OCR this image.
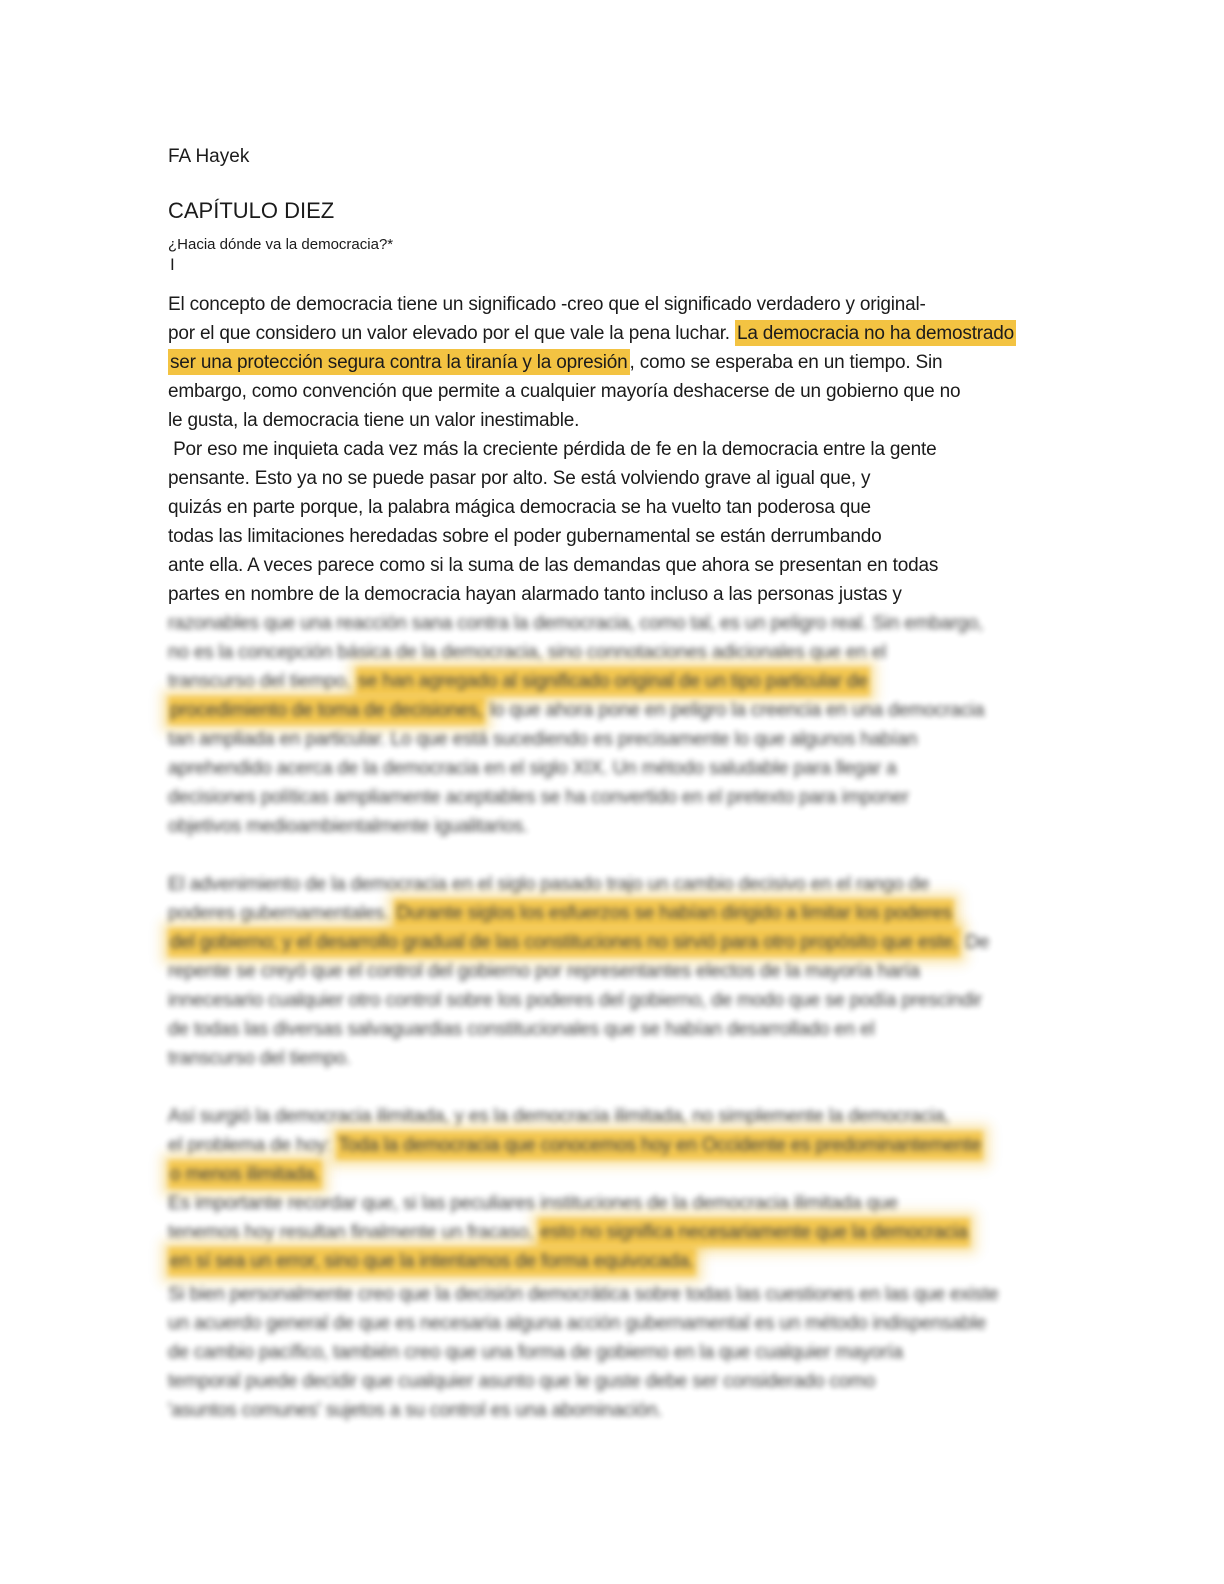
FA Hayek

CAPÍTULO DIEZ

¿Hacia dónde va la democracia?*

I

El concepto de democracia tiene un significado -creo que el significado verdadero y original-
por el que considero un valor elevado por el que vale la pena luchar. La democracia no ha demostrado
ser una protección segura contra la tiranía y la opresión , como se esperaba en un tiempo. Sin
embargo, como convención que permite a cualquier mayoría deshacerse de un gobierno que no
le gusta, la democracia tiene un valor inestimable.
Por eso me inquieta cada vez más la creciente pérdida de fe en la democracia entre la gente
pensante. Esto ya no se puede pasar por alto. Se está volviendo grave al igual que, y
quizás en parte porque, la palabra mágica democracia se ha vuelto tan poderosa que
todas las limitaciones heredadas sobre el poder gubernamental se están derrumbando
ante ella. A veces parece como si la suma de las demandas que ahora se presentan en todas
partes en nombre de la democracia hayan alarmado tanto incluso a las personas justas y
razonables que una reacción sana contra la democracia, como tal, es un peligro real. Sin embargo,
no es la concepción básica de la democracia, sino connotaciones adicionales que en el
transcurso del tiempo, se han agregado al significado original de un tipo particular de
procedimiento de toma de decisiones, lo que ahora pone en peligro la creencia en una democracia
tan ampliada en particular. Lo que está sucediendo es precisamente lo que algunos habían
aprehendido acerca de la democracia en el siglo XIX. Un método saludable para llegar a
decisiones políticas ampliamente aceptables se ha convertido en el pretexto para imponer
objetivos medioambientalmente igualitarios.
El advenimiento de la democracia en el siglo pasado trajo un cambio decisivo en el rango de
poderes gubernamentales. Durante siglos los esfuerzos se habían dirigido a limitar los poderes
del gobierno; y el desarrollo gradual de las constituciones no sirvió para otro propósito que este. De
repente se creyó que el control del gobierno por representantes electos de la mayoría haría
innecesario cualquier otro control sobre los poderes del gobierno, de modo que se podía prescindir
de todas las diversas salvaguardias constitucionales que se habían desarrollado en el
transcurso del tiempo.
Así surgió la democracia ilimitada, y es la democracia ilimitada, no simplemente la democracia,
el problema de hoy: Toda la democracia que conocemos hoy en Occidente es predominantemente
o menos ilimitada.
Es importante recordar que, si las peculiares instituciones de la democracia ilimitada que
tenemos hoy resultan finalmente un fracaso, esto no significa necesariamente que la democracia
en sí sea un error, sino que la intentamos de forma equivocada.
Si bien personalmente creo que la decisión democrática sobre todas las cuestiones en las que existe
un acuerdo general de que es necesaria alguna acción gubernamental es un método indispensable
de cambio pacífico, también creo que una forma de gobierno en la que cualquier mayoría
temporal puede decidir que cualquier asunto que le guste debe ser considerado como
'asuntos comunes' sujetos a su control es una abominación.
